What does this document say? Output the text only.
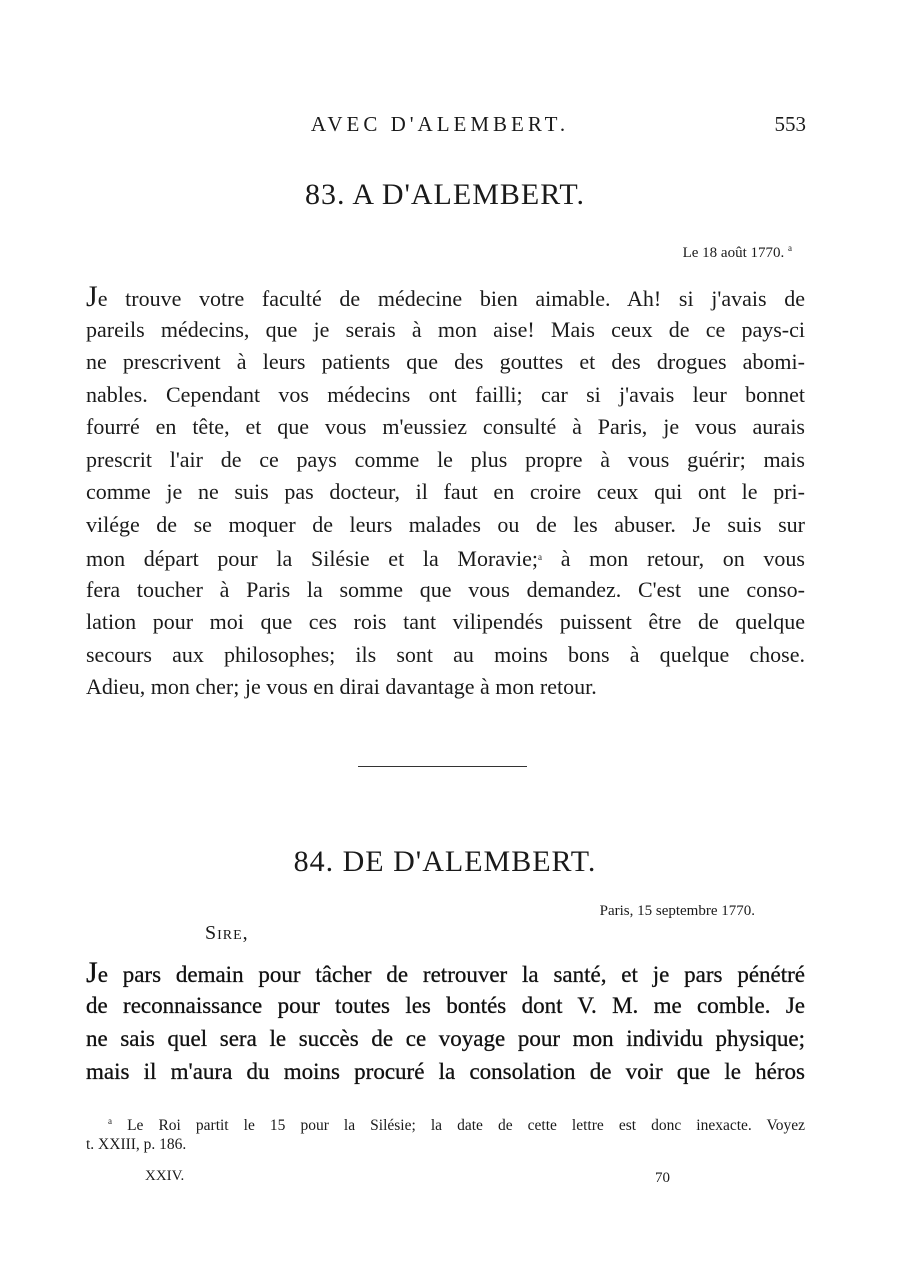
AVEC D'ALEMBERT.	553
83. A D'ALEMBERT.
Le 18 août 1770. $^a$
Je trouve votre faculté de médecine bien aimable. Ah! si j'avais de
pareils médecins, que je serais à mon aise! Mais ceux de ce pays-ci
ne prescrivent à leurs patients que des gouttes et des drogues abomi-
nables. Cependant vos médecins ont failli; car si j'avais leur bonnet
fourré en tête, et que vous m'eussiez consulté à Paris, je vous aurais
prescrit l'air de ce pays comme le plus propre à vous guérir; mais
comme je ne suis pas docteur, il faut en croire ceux qui ont le pri-
vilége de se moquer de leurs malades ou de les abuser. Je suis sur
mon départ pour la Silésie et la Moravie;$^a$ à mon retour, on vous
fera toucher à Paris la somme que vous demandez. C'est une conso-
lation pour moi que ces rois tant vilipendés puissent être de quelque
secours aux philosophes; ils sont au moins bons à quelque chose.
Adieu, mon cher; je vous en dirai davantage à mon retour.
84. DE D'ALEMBERT.
Paris, 15 septembre 1770.
Sire,
Je pars demain pour tâcher de retrouver la santé, et je pars pénétré
de reconnaissance pour toutes les bontés dont V. M. me comble. Je
ne sais quel sera le succès de ce voyage pour mon individu physique;
mais il m'aura du moins procuré la consolation de voir que le héros
$^a$ Le Roi partit le 15 pour la Silésie; la date de cette lettre est donc inexacte. Voyez
t. XXIII, p. 186.
XXIV.	70
